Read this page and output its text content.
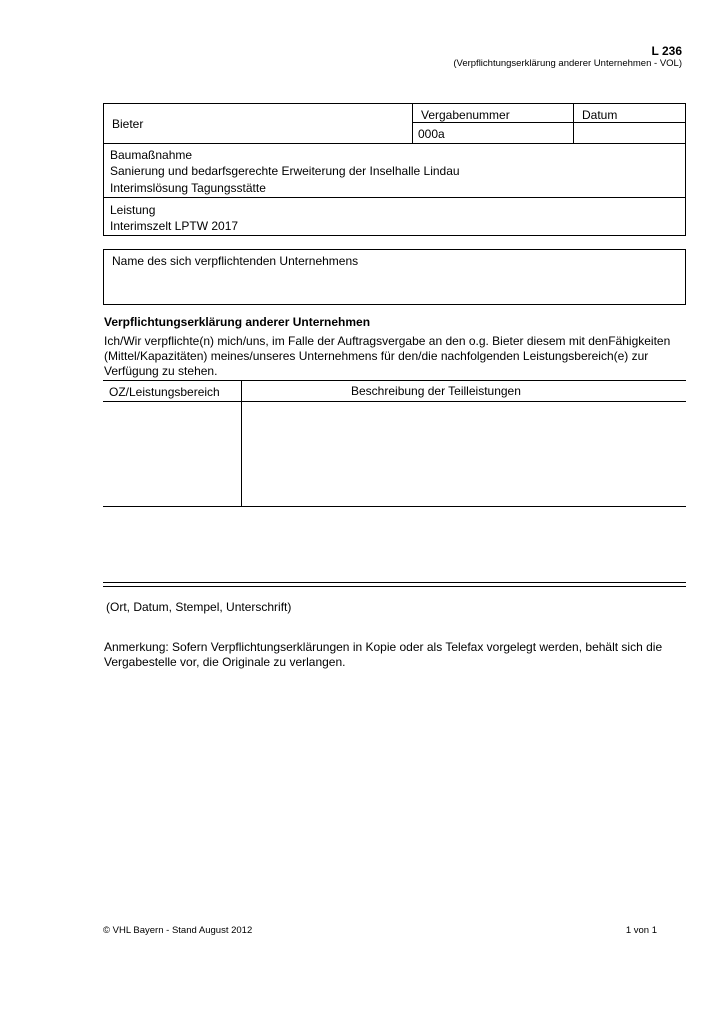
L 236
(Verpflichtungserklärung anderer Unternehmen - VOL)
Bieter
Vergabenummer
000a
Datum
Baumaßnahme
Sanierung und bedarfsgerechte Erweiterung der Inselhalle Lindau
Interimslösung Tagungsstätte
Leistung
Interimszelt LPTW 2017
Name des sich verpflichtenden Unternehmens
Verpflichtungserklärung anderer Unternehmen
Ich/Wir verpflichte(n) mich/uns, im Falle der Auftragsvergabe an den o.g. Bieter diesem mit denFähigkeiten
(Mittel/Kapazitäten) meines/unseres Unternehmens für den/die nachfolgenden Leistungsbereich(e) zur
Verfügung zu stehen.
OZ/Leistungsbereich	Beschreibung der Teilleistungen
(Ort, Datum, Stempel, Unterschrift)
Anmerkung: Sofern Verpflichtungserklärungen in Kopie oder als Telefax vorgelegt werden, behält sich die
Vergabestelle vor, die Originale zu verlangen.
© VHL Bayern - Stand August 2012	1 von 1
